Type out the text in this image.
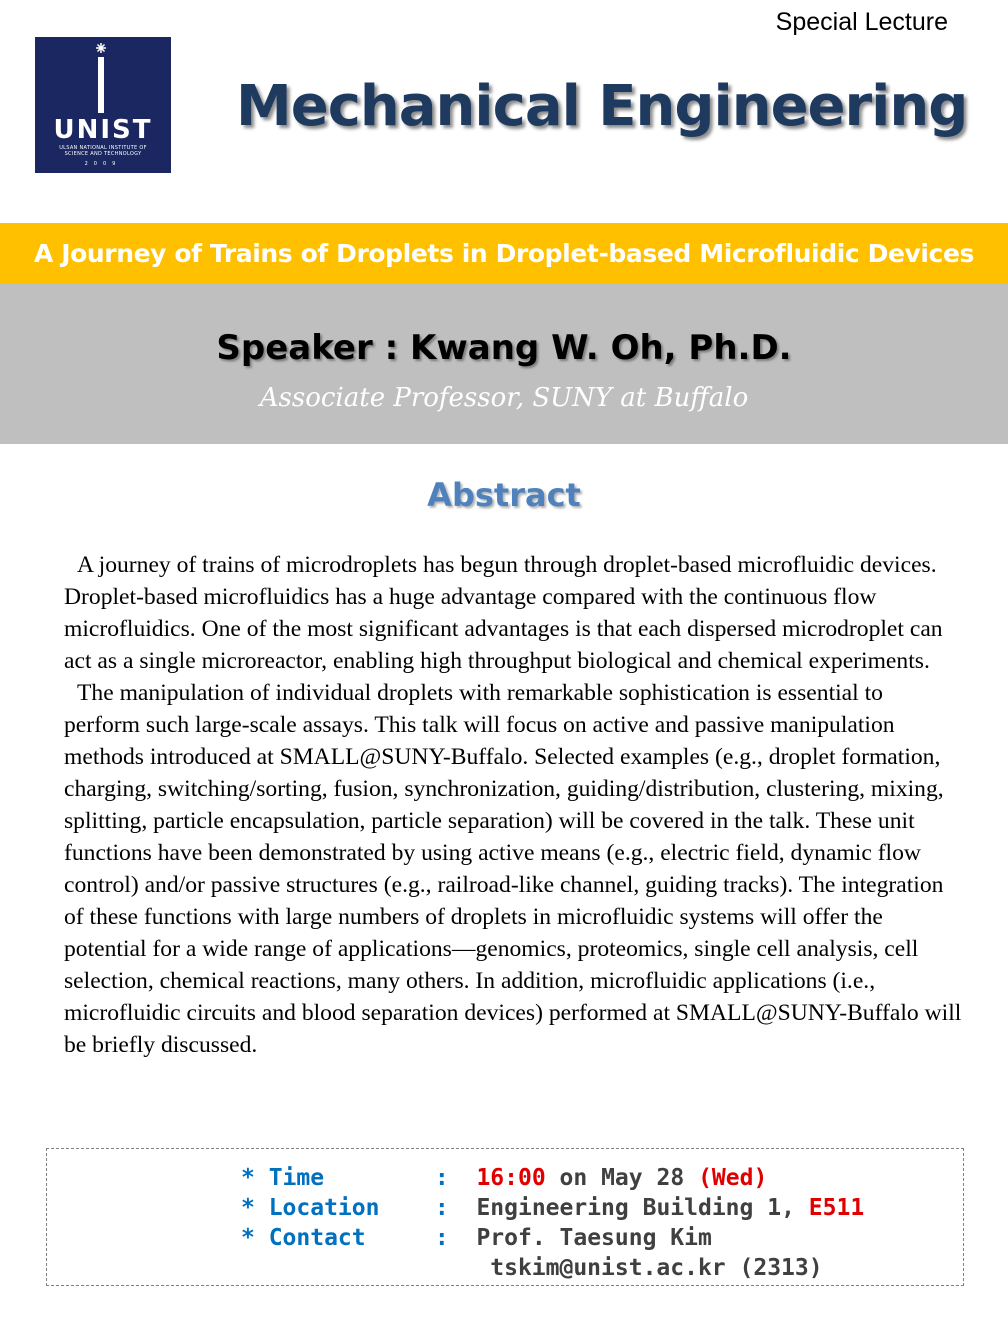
Special Lecture
UNIST
ULSAN NATIONAL INSTITUTE OF
SCIENCE AND TECHNOLOGY
2009
Mechanical Engineering
A Journey of Trains of Droplets in Droplet-based Microfluidic Devices
Speaker : Kwang W. Oh, Ph.D.
Associate Professor, SUNY at Buffalo
Abstract

A journey of trains of microdroplets has begun through droplet-based microfluidic devices. Droplet-based microfluidics has a huge advantage compared with the continuous flow microfluidics. One of the most significant advantages is that each dispersed microdroplet can act as a single microreactor, enabling high throughput biological and chemical experiments.

The manipulation of individual droplets with remarkable sophistication is essential to perform such large-scale assays. This talk will focus on active and passive manipulation methods introduced at SMALL@SUNY-Buffalo. Selected examples (e.g., droplet formation, charging, switching/sorting, fusion, synchronization, guiding/distribution, clustering, mixing, splitting, particle encapsulation, particle separation) will be covered in the talk. These unit functions have been demonstrated by using active means (e.g., electric field, dynamic flow control) and/or passive structures (e.g., railroad-like channel, guiding tracks). The integration of these functions with large numbers of droplets in microfluidic systems will offer the potential for a wide range of applications—genomics, proteomics, single cell analysis, cell selection, chemical reactions, many others. In addition, microfluidic applications (i.e., microfluidic circuits and blood separation devices) performed at SMALL@SUNY-Buffalo will be briefly discussed.

* Time	: 16:00 on May 28 (Wed)
* Location : Engineering Building 1, E511
* Contact	: Prof. Taesung Kim
tskim@unist.ac.kr (2313)
